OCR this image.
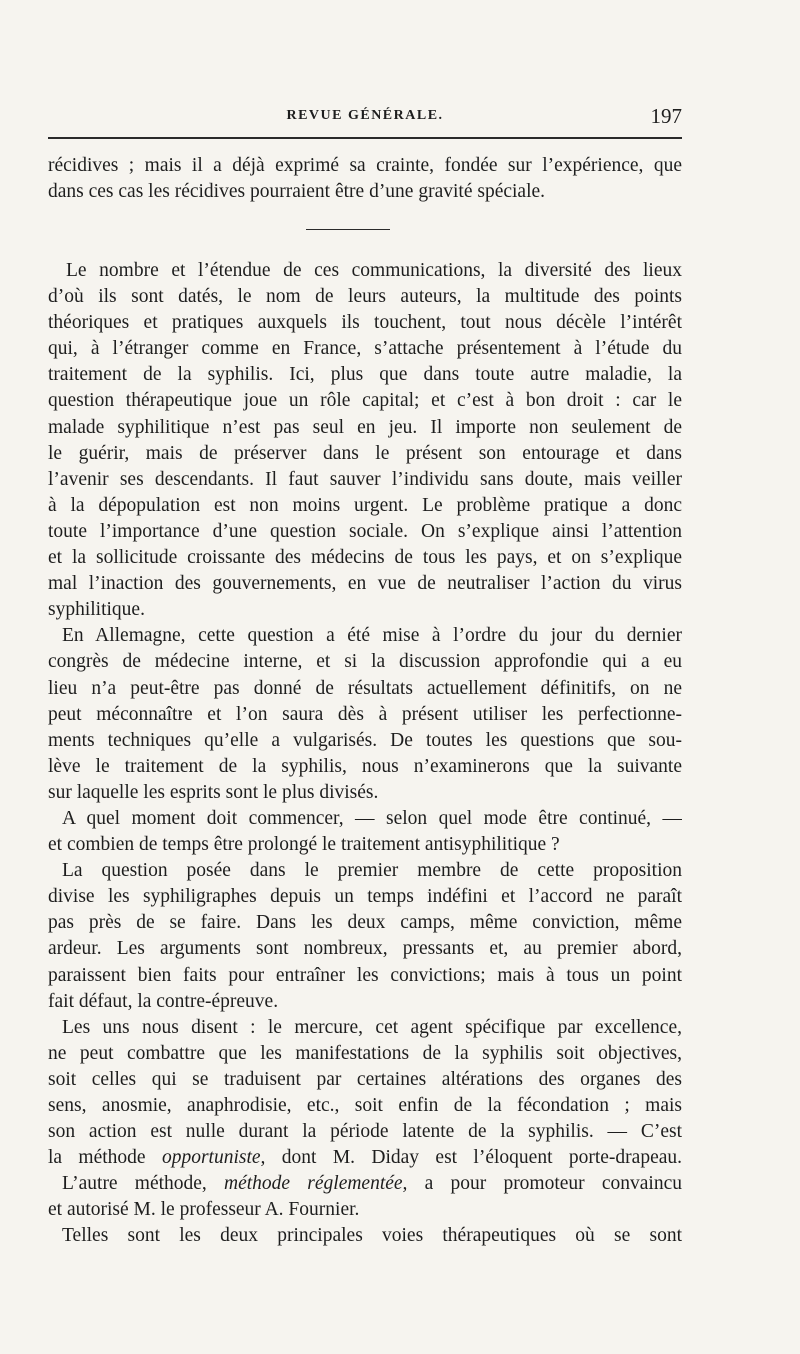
REVUE GÉNÉRALE.	197
récidives ; mais il a déjà exprimé sa crainte, fondée sur l’expérience, que
dans ces cas les récidives pourraient être d’une gravité spéciale.
Le nombre et l’étendue de ces communications, la diversité des lieux
d’où ils sont datés, le nom de leurs auteurs, la multitude des points
théoriques et pratiques auxquels ils touchent, tout nous décèle l’intérêt
qui, à l’étranger comme en France, s’attache présentement à l’étude du
traitement de la syphilis. Ici, plus que dans toute autre maladie, la
question thérapeutique joue un rôle capital; et c’est à bon droit : car le
malade syphilitique n’est pas seul en jeu. Il importe non seulement de
le guérir, mais de préserver dans le présent son entourage et dans
l’avenir ses descendants. Il faut sauver l’individu sans doute, mais veiller
à la dépopulation est non moins urgent. Le problème pratique a donc
toute l’importance d’une question sociale. On s’explique ainsi l’attention
et la sollicitude croissante des médecins de tous les pays, et on s’explique
mal l’inaction des gouvernements, en vue de neutraliser l’action du virus
syphilitique.
En Allemagne, cette question a été mise à l’ordre du jour du dernier
congrès de médecine interne, et si la discussion approfondie qui a eu
lieu n’a peut-être pas donné de résultats actuellement définitifs, on ne
peut méconnaître et l’on saura dès à présent utiliser les perfectionne-
ments techniques qu’elle a vulgarisés. De toutes les questions que sou-
lève le traitement de la syphilis, nous n’examinerons que la suivante
sur laquelle les esprits sont le plus divisés.
A quel moment doit commencer, — selon quel mode être continué, —
et combien de temps être prolongé le traitement antisyphilitique ?
La question posée dans le premier membre de cette proposition
divise les syphiligraphes depuis un temps indéfini et l’accord ne paraît
pas près de se faire. Dans les deux camps, même conviction, même
ardeur. Les arguments sont nombreux, pressants et, au premier abord,
paraissent bien faits pour entraîner les convictions; mais à tous un point
fait défaut, la contre-épreuve.
Les uns nous disent : le mercure, cet agent spécifique par excellence,
ne peut combattre que les manifestations de la syphilis soit objectives,
soit celles qui se traduisent par certaines altérations des organes des
sens, anosmie, anaphrodisie, etc., soit enfin de la fécondation ; mais
son action est nulle durant la période latente de la syphilis. — C’est
la méthode opportuniste, dont M. Diday est l’éloquent porte-drapeau.
L’autre méthode, méthode réglementée, a pour promoteur convaincu
et autorisé M. le professeur A. Fournier.
Telles sont les deux principales voies thérapeutiques où se sont
